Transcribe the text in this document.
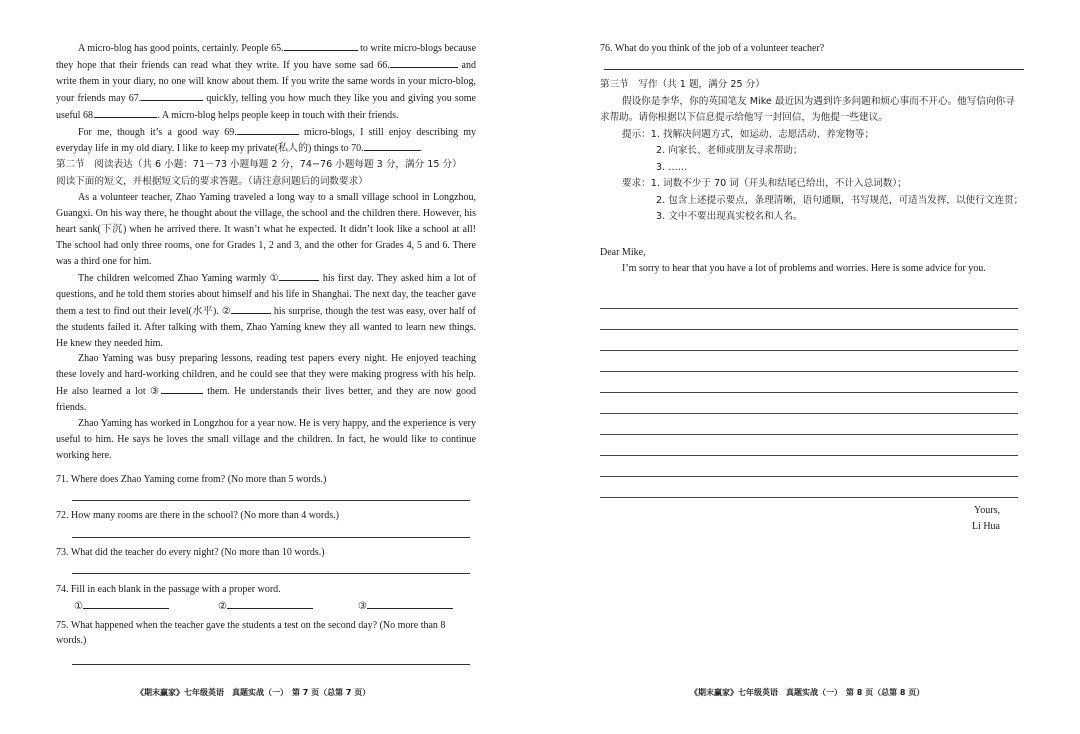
A micro-blog has good points, certainly. People 65.	to write micro-blogs because they hope that their friends can read what they write. If you have some sad 66.	and write them in your diary, no one will know about them. If you write the same words in your micro-blog, your friends may 67.	quickly, telling you how much they like you and giving you some useful 68.	. A micro-blog helps people keep in touch with their friends.

For me, though it’s a good way 69.	micro-blogs, I still enjoy describing my everyday life in my old diary. I like to keep my private(私人的) things to 70.	.

第二节　阅读表达（共 6 小题：71－73 小题每题 2 分，74−76 小题每题 3 分，满分 15 分）

阅读下面的短文，并根据短文后的要求答题。（请注意问题后的词数要求）

As a volunteer teacher, Zhao Yaming traveled a long way to a small village school in Longzhou, Guangxi. On his way there, he thought about the village, the school and the children there. However, his heart sank(下沉) when he arrived there. It wasn’t what he expected. It didn’t look like a school at all! The school had only three rooms, one for Grades 1, 2 and 3, and the other for Grades 4, 5 and 6. There was a third one for him.

The children welcomed Zhao Yaming warmly ①	his first day. They asked him a lot of questions, and he told them stories about himself and his life in Shanghai. The next day, the teacher gave them a test to find out their level(水平). ②	his surprise, though the test was easy, over half of the students failed it. After talking with them, Zhao Yaming knew they all wanted to learn new things. He knew they needed him.

Zhao Yaming was busy preparing lessons, reading test papers every night. He enjoyed teaching these lovely and hard-working children, and he could see that they were making progress with his help. He also learned a lot ③	them. He understands their lives better, and they are now good friends.

Zhao Yaming has worked in Longzhou for a year now. He is very happy, and the experience is very useful to him. He says he loves the small village and the children. In fact, he would like to continue working here.

71. Where does Zhao Yaming come from? (No more than 5 words.)

72. How many rooms are there in the school? (No more than 4 words.)

73. What did the teacher do every night? (No more than 10 words.)

74. Fill in each blank in the passage with a proper word.

①	②	③

75. What happened when the teacher gave the students a test on the second day? (No more than 8 words.)

《期末赢家》七年级英语　真题实战（一）　第 7 页（总第 7 页）

76. What do you think of the job of a volunteer teacher?

第三节　写作（共 1 题，满分 25 分）

假设你是李华，你的英国笔友 Mike 最近因为遇到许多问题和烦心事而不开心。他写信向你寻求帮助。请你根据以下信息提示给他写一封回信，为他提一些建议。

提示：1. 找解决问题方式，如运动、志愿活动、养宠物等；

2. 向家长、老师或朋友寻求帮助；

3. ……

要求：1. 词数不少于 70 词（开头和结尾已给出，不计入总词数）；

2. 包含上述提示要点，条理清晰，语句通顺，书写规范，可适当发挥，以使行文连贯；

3. 文中不要出现真实校名和人名。

Dear Mike,

I’m sorry to hear that you have a lot of problems and worries. Here is some advice for you.

Yours,
Li Hua
《期末赢家》七年级英语　真题实战（一）　第 8 页（总第 8 页）
